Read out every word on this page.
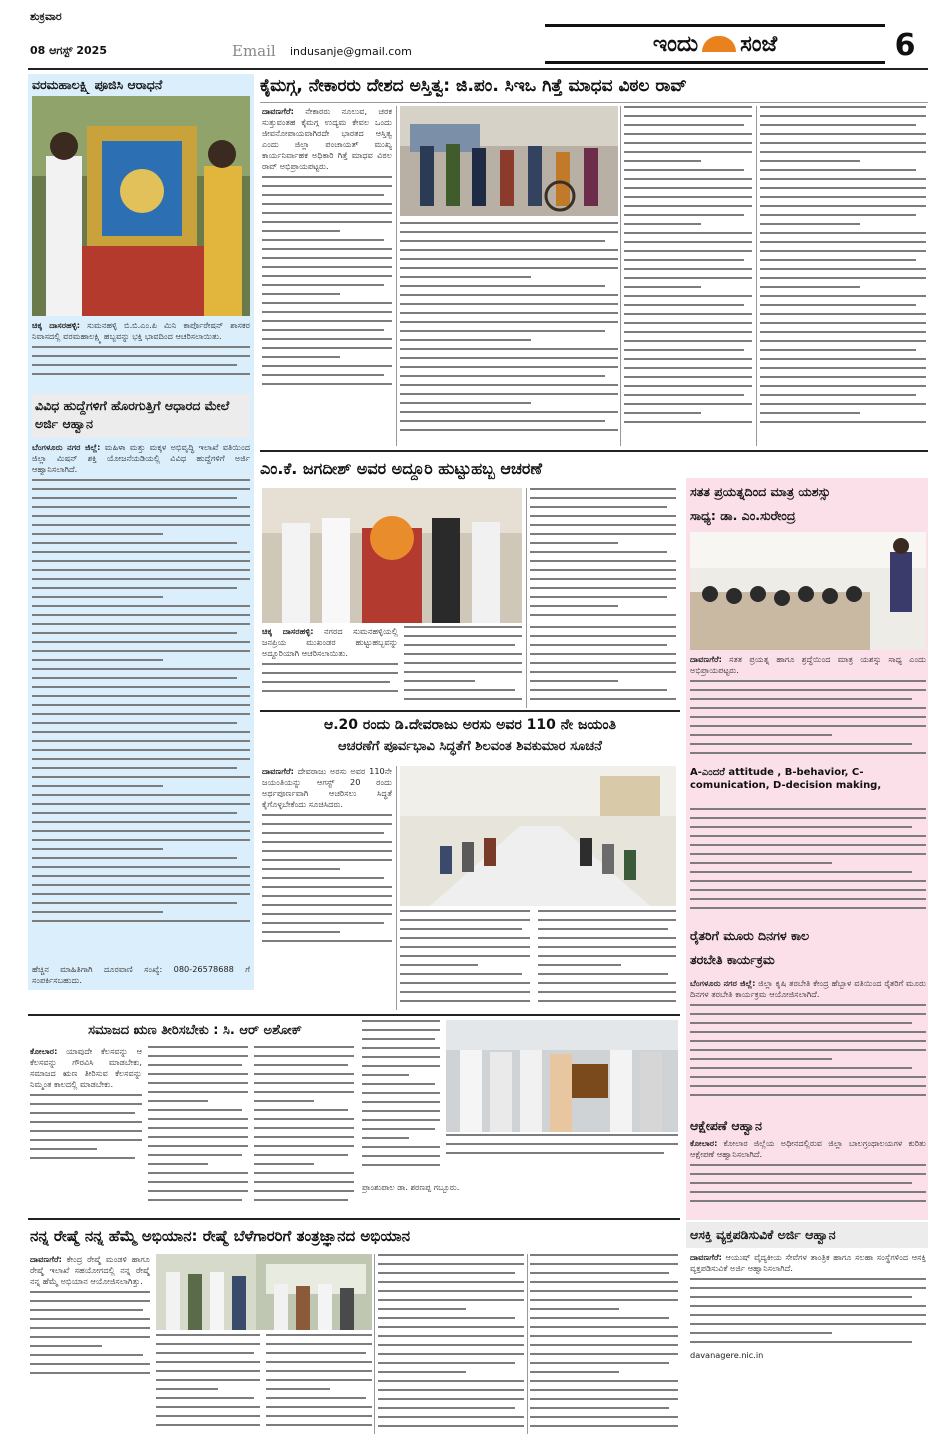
ಶುಕ್ರವಾರ
08 ಆಗಸ್ಟ್ 2025	Email indusanje@gmail.com	ಇಂದು ಸಂಜೆ	6
ವರಮಹಾಲಕ್ಷ್ಮಿ ಪೂಜಿಸಿ ಆರಾಧನೆ
ಚಿಕ್ಕ ದಾಸರಹಳ್ಳಿ: ಸುಮನಹಳ್ಳಿ ಬಿ.ಬಿ.ಎಂ.ಪಿ ಮಿನಿ ಕಾರ್ಪೊರೇಷನ್ ಶಾಸಕರ ನಿವಾಸದಲ್ಲಿ ವರಮಹಾಲಕ್ಷ್ಮಿ ಹಬ್ಬವನ್ನು ಭಕ್ತಿ ಭಾವದಿಂದ ಆಚರಿಸಲಾಯಿತು.
ವಿವಿಧ ಹುದ್ದೆಗಳಿಗೆ ಹೊರಗುತ್ತಿಗೆ ಆಧಾರದ ಮೇಲೆ ಅರ್ಜಿ ಆಹ್ವಾನ
ಬೆಂಗಳೂರು ನಗರ ಜಿಲ್ಲೆ: ಮಹಿಳಾ ಮತ್ತು ಮಕ್ಕಳ ಅಭಿವೃದ್ಧಿ ಇಲಾಖೆ ವತಿಯಿಂದ ಜಿಲ್ಲಾ ಮಿಷನ್ ಶಕ್ತಿ ಯೋಜನೆಯಡಿಯಲ್ಲಿ ವಿವಿಧ ಹುದ್ದೆಗಳಿಗೆ ಅರ್ಜಿ ಆಹ್ವಾನಿಸಲಾಗಿದೆ.
ಹೆಚ್ಚಿನ ಮಾಹಿತಿಗಾಗಿ ದೂರವಾಣಿ ಸಂಖ್ಯೆ: 080-26578688 ಗೆ ಸಂಪರ್ಕಿಸಬಹುದು.
ಕೈಮಗ್ಗ, ನೇಕಾರರು ದೇಶದ ಅಸ್ತಿತ್ವ: ಜಿ.ಪಂ. ಸಿಇಒ ಗಿತ್ತೆ ಮಾಧವ ವಿಠಲ ರಾವ್
ದಾವಣಗೆರೆ: ನೇಕಾರರು ನೂಲುವ, ಚರಕ ಸುತ್ತುವಂತಹ ಕೈಮಗ್ಗ ಉದ್ಯಮ ಕೇವಲ ಒಂದು ಜೀವನೋಪಾಯವಾಗಿರದೇ ಭಾರತದ ಆಸ್ತಿತ್ವ ಎಂದು ಜಿಲ್ಲಾ ಪಂಚಾಯತ್ ಮುಖ್ಯ ಕಾರ್ಯನಿರ್ವಾಹಕ ಅಧಿಕಾರಿ ಗಿತ್ತೆ ಮಾಧವ ವಿಠಲ ರಾವ್ ಅಭಿಪ್ರಾಯಪಟ್ಟರು.
ಎಂ.ಕೆ. ಜಗದೀಶ್ ಅವರ ಅದ್ದೂರಿ ಹುಟ್ಟುಹಬ್ಬ ಆಚರಣೆ
ಚಿಕ್ಕ ದಾಸರಹಳ್ಳಿ: ನಗರದ ಸುಮನಹಳ್ಳಿಯಲ್ಲಿ ಜನಪ್ರಿಯ ಮುಖಂಡರ ಹುಟ್ಟುಹಬ್ಬವನ್ನು ಅದ್ದೂರಿಯಾಗಿ ಆಚರಿಸಲಾಯಿತು.
ಆ.20 ರಂದು ಡಿ.ದೇವರಾಜು ಅರಸು ಅವರ 110 ನೇ ಜಯಂತಿ
ಆಚರಣೆಗೆ ಪೂರ್ವಭಾವಿ ಸಿದ್ಧತೆಗೆ ಶಿಲವಂತ ಶಿವಕುಮಾರ ಸೂಚನೆ
ದಾವಣಗೆರೆ: ದೇವರಾಜು ಅರಸು ಅವರ 110ನೇ ಜಯಂತಿಯನ್ನು ಆಗಸ್ಟ್ 20 ರಂದು ಅರ್ಥಪೂರ್ಣವಾಗಿ ಆಚರಿಸಲು ಸಿದ್ಧತೆ ಕೈಗೊಳ್ಳಬೇಕೆಂದು ಸೂಚಿಸಿದರು.
ಸತತ ಪ್ರಯತ್ನದಿಂದ ಮಾತ್ರ ಯಶಸ್ಸು
ಸಾಧ್ಯ: ಡಾ. ಎಂ.ಸುರೇಂದ್ರ
ದಾವಣಗೆರೆ: ಸತತ ಪ್ರಯತ್ನ ಹಾಗೂ ಶ್ರದ್ಧೆಯಿಂದ ಮಾತ್ರ ಯಶಸ್ಸು ಸಾಧ್ಯ ಎಂದು ಅಭಿಪ್ರಾಯಪಟ್ಟರು.
A-ಎಂದರೆ attitude , B-behavior, C-comunication, D-decision making,
ರೈತರಿಗೆ ಮೂರು ದಿನಗಳ ಕಾಲ
ತರಬೇತಿ ಕಾರ್ಯಕ್ರಮ
ಬೆಂಗಳೂರು ನಗರ ಜಿಲ್ಲೆ: ಜಿಲ್ಲಾ ಕೃಷಿ ತರಬೇತಿ ಕೇಂದ್ರ ಹೆಬ್ಬಾಳ ವತಿಯಿಂದ ರೈತರಿಗೆ ಮೂರು ದಿನಗಳ ತರಬೇತಿ ಕಾರ್ಯಕ್ರಮ ಆಯೋಜಿಸಲಾಗಿದೆ.
ಆಕ್ಷೇಪಣೆ ಆಹ್ವಾನ
ಕೋಲಾರ: ಕೋಲಾರ ಜಿಲ್ಲೆಯ ಅಧೀನದಲ್ಲಿರುವ ಜಿಲ್ಲಾ ಬಾಲಗ್ರಂಥಾಲಯಗಳ ಕುರಿತು ಆಕ್ಷೇಪಣೆ ಆಹ್ವಾನಿಸಲಾಗಿದೆ.
ಆಸಕ್ತಿ ವ್ಯಕ್ತಪಡಿಸುವಿಕೆ ಅರ್ಜಿ ಆಹ್ವಾನ
ದಾವಣಗೆರೆ: ಆಯುಷ್ ವೈದ್ಯಕೀಯ ಸೇವೆಗಳ ತಾಂತ್ರಿಕ ಹಾಗೂ ಸಲಹಾ ಸಂಸ್ಥೆಗಳಿಂದ ಆಸಕ್ತಿ ವ್ಯಕ್ತಪಡಿಸುವಿಕೆ ಅರ್ಜಿ ಆಹ್ವಾನಿಸಲಾಗಿದೆ.
davanagere.nic.in
ಸಮಾಜದ ಋಣ ತೀರಿಸಬೇಕು : ಸಿ. ಆರ್ ಅಶೋಕ್
ಕೋಲಾರ: ಯಾವುದೇ ಕೆಲಸವನ್ನು ಆ ಕೆಲಸವನ್ನು ಗೌರವಿಸಿ ಮಾಡಬೇಕು, ಸಮಾಜದ ಋಣ ತೀರಿಸುವ ಕೆಲಸವನ್ನು ನಿಮ್ಮಂತ ಕಾಲದಲ್ಲಿ ಮಾಡಬೇಕು.
ಪ್ರಾಂಶುಪಾಲ ಡಾ. ಶರಣಪ್ಪ ಗಬ್ಬೂರು.
ನನ್ನ ರೇಷ್ಮೆ ನನ್ನ ಹೆಮ್ಮೆ ಅಭಿಯಾನ: ರೇಷ್ಮೆ ಬೆಳೆಗಾರರಿಗೆ ತಂತ್ರಜ್ಞಾನದ ಅಭಿಯಾನ
ದಾವಣಗೆರೆ: ಕೇಂದ್ರ ರೇಷ್ಮೆ ಮಂಡಳಿ ಹಾಗೂ ರೇಷ್ಮೆ ಇಲಾಖೆ ಸಹಯೋಗದಲ್ಲಿ ನನ್ನ ರೇಷ್ಮೆ ನನ್ನ ಹೆಮ್ಮೆ ಅಭಿಯಾನ ಆಯೋಜಿಸಲಾಗಿತ್ತು.
